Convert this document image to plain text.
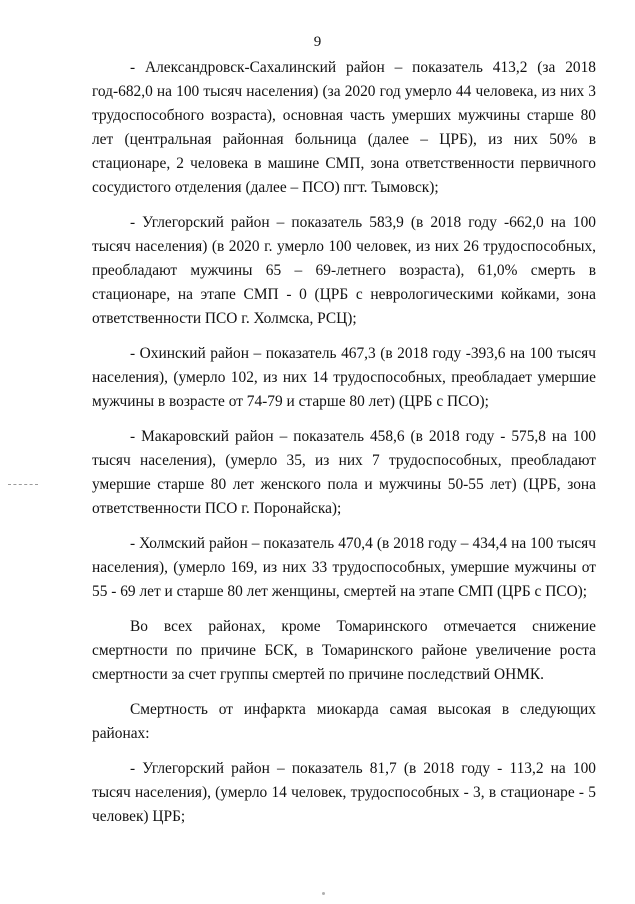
9

- Александровск-Сахалинский район – показатель 413,2 (за 2018 год-682,0 на 100 тысяч населения) (за 2020 год умерло 44 человека, из них 3 трудоспособного возраста), основная часть умерших мужчины старше 80 лет (центральная районная больница (далее – ЦРБ), из них 50% в стационаре, 2 человека в машине СМП, зона ответственности первичного сосудистого отделения (далее – ПСО) пгт. Тымовск);

- Углегорский район – показатель 583,9 (в 2018 году -662,0 на 100 тысяч населения) (в 2020 г. умерло 100 человек, из них 26 трудоспособных, преобладают мужчины 65 – 69-летнего возраста), 61,0% смерть в стационаре, на этапе СМП - 0 (ЦРБ с неврологическими койками, зона ответственности ПСО г. Холмска, РСЦ);

- Охинский район – показатель 467,3 (в 2018 году -393,6 на 100 тысяч населения), (умерло 102, из них 14 трудоспособных, преобладает умершие мужчины в возрасте от 74-79 и старше 80 лет) (ЦРБ с ПСО);

- Макаровский район – показатель 458,6 (в 2018 году - 575,8 на 100 тысяч населения), (умерло 35, из них 7 трудоспособных, преобладают умершие старше 80 лет женского пола и мужчины 50-55 лет) (ЦРБ, зона ответственности ПСО г. Поронайска);

- Холмский район – показатель 470,4 (в 2018 году – 434,4 на 100 тысяч населения), (умерло 169, из них 33 трудоспособных, умершие мужчины от 55 - 69 лет и старше 80 лет женщины, смертей на этапе СМП (ЦРБ с ПСО);

Во всех районах, кроме Томаринского отмечается снижение смертности по причине БСК, в Томаринского районе увеличение роста смертности за счет группы смертей по причине последствий ОНМК.

Смертность от инфаркта миокарда самая высокая в следующих районах:

- Углегорский район – показатель 81,7 (в 2018 году - 113,2 на 100 тысяч населения), (умерло 14 человек, трудоспособных - 3, в стационаре - 5 человек) ЦРБ;
